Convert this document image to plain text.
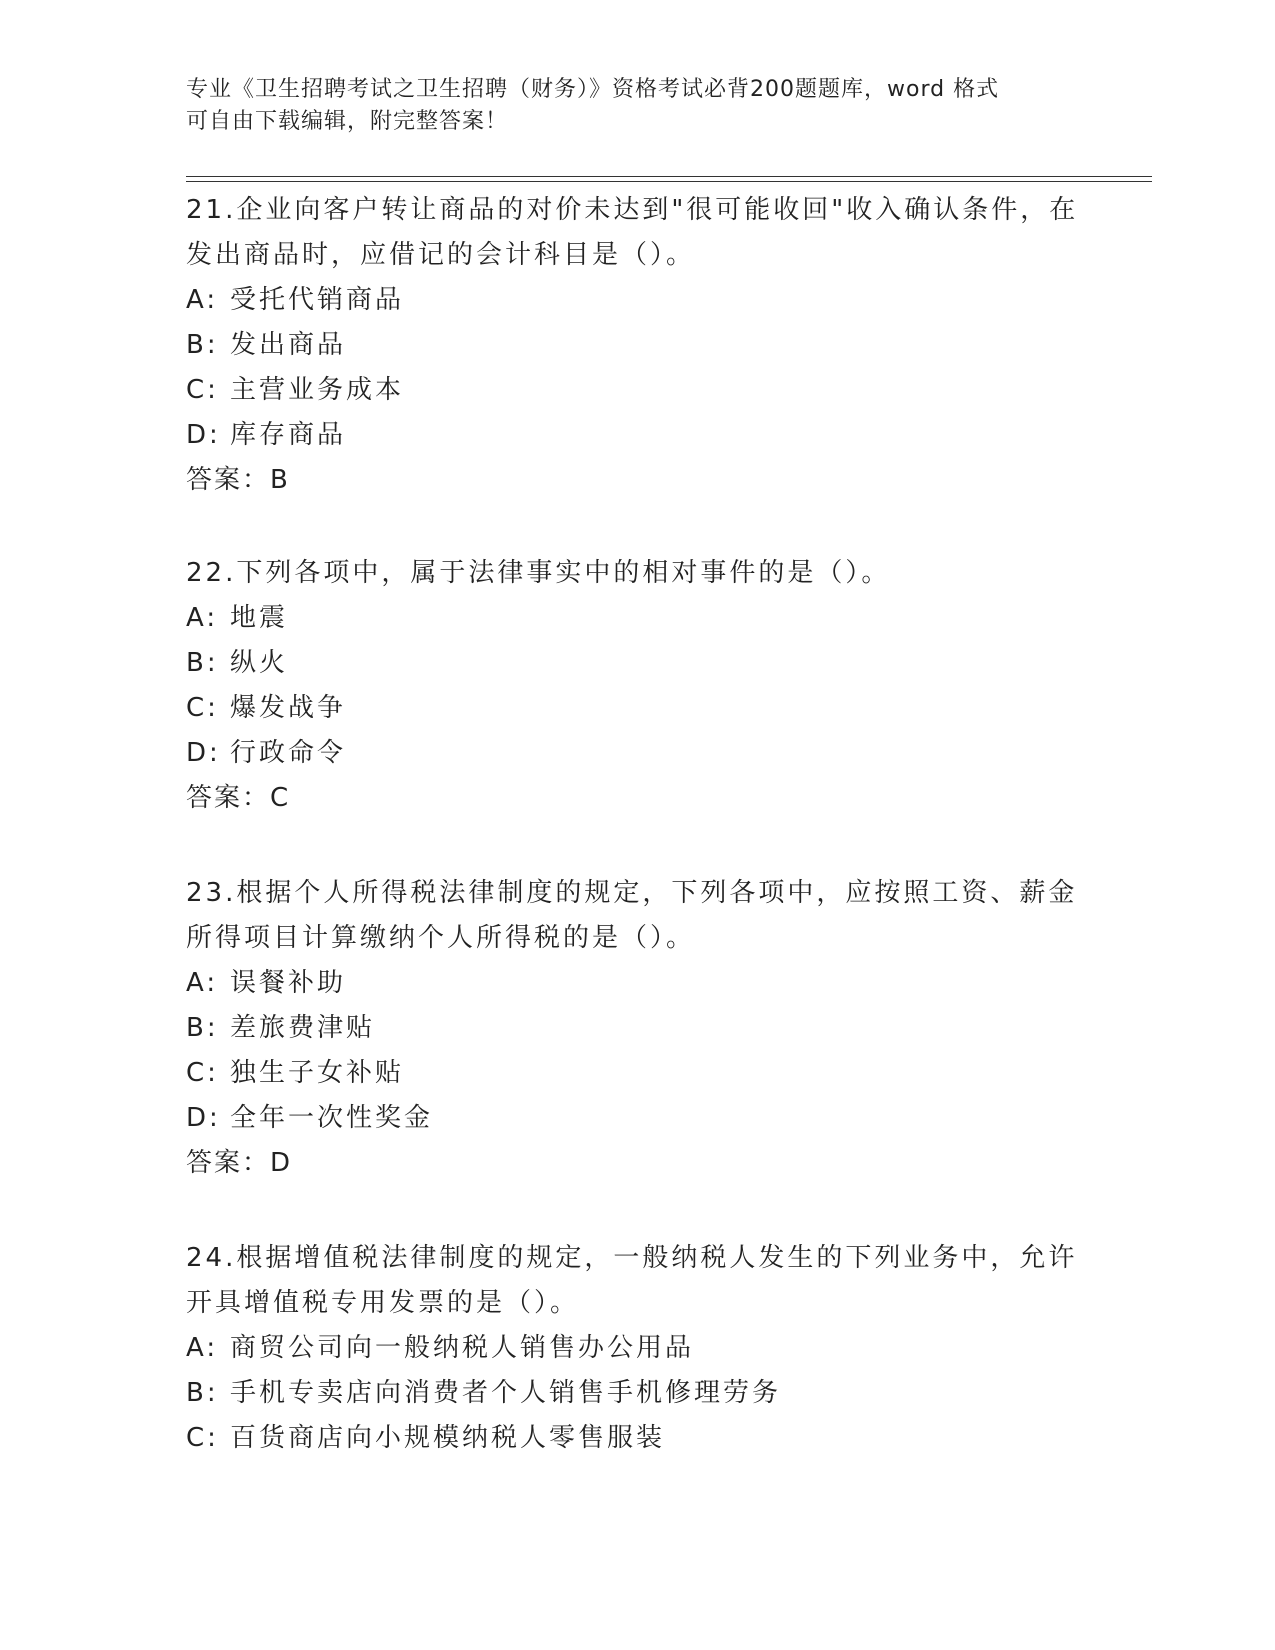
专业《卫生招聘考试之卫生招聘（财务）》资格考试必背200题题库，word 格式
可自由下载编辑，附完整答案！

21.企业向客户转让商品的对价未达到"很可能收回"收入确认条件，在

发出商品时，应借记的会计科目是（）。

A: 受托代销商品

B: 发出商品

C: 主营业务成本

D: 库存商品

答案：B

22.下列各项中，属于法律事实中的相对事件的是（）。

A: 地震

B: 纵火

C: 爆发战争

D: 行政命令

答案：C

23.根据个人所得税法律制度的规定，下列各项中，应按照工资、薪金

所得项目计算缴纳个人所得税的是（）。

A: 误餐补助

B: 差旅费津贴

C: 独生子女补贴

D: 全年一次性奖金

答案：D

24.根据增值税法律制度的规定，一般纳税人发生的下列业务中，允许

开具增值税专用发票的是（）。

A: 商贸公司向一般纳税人销售办公用品

B: 手机专卖店向消费者个人销售手机修理劳务

C: 百货商店向小规模纳税人零售服装
